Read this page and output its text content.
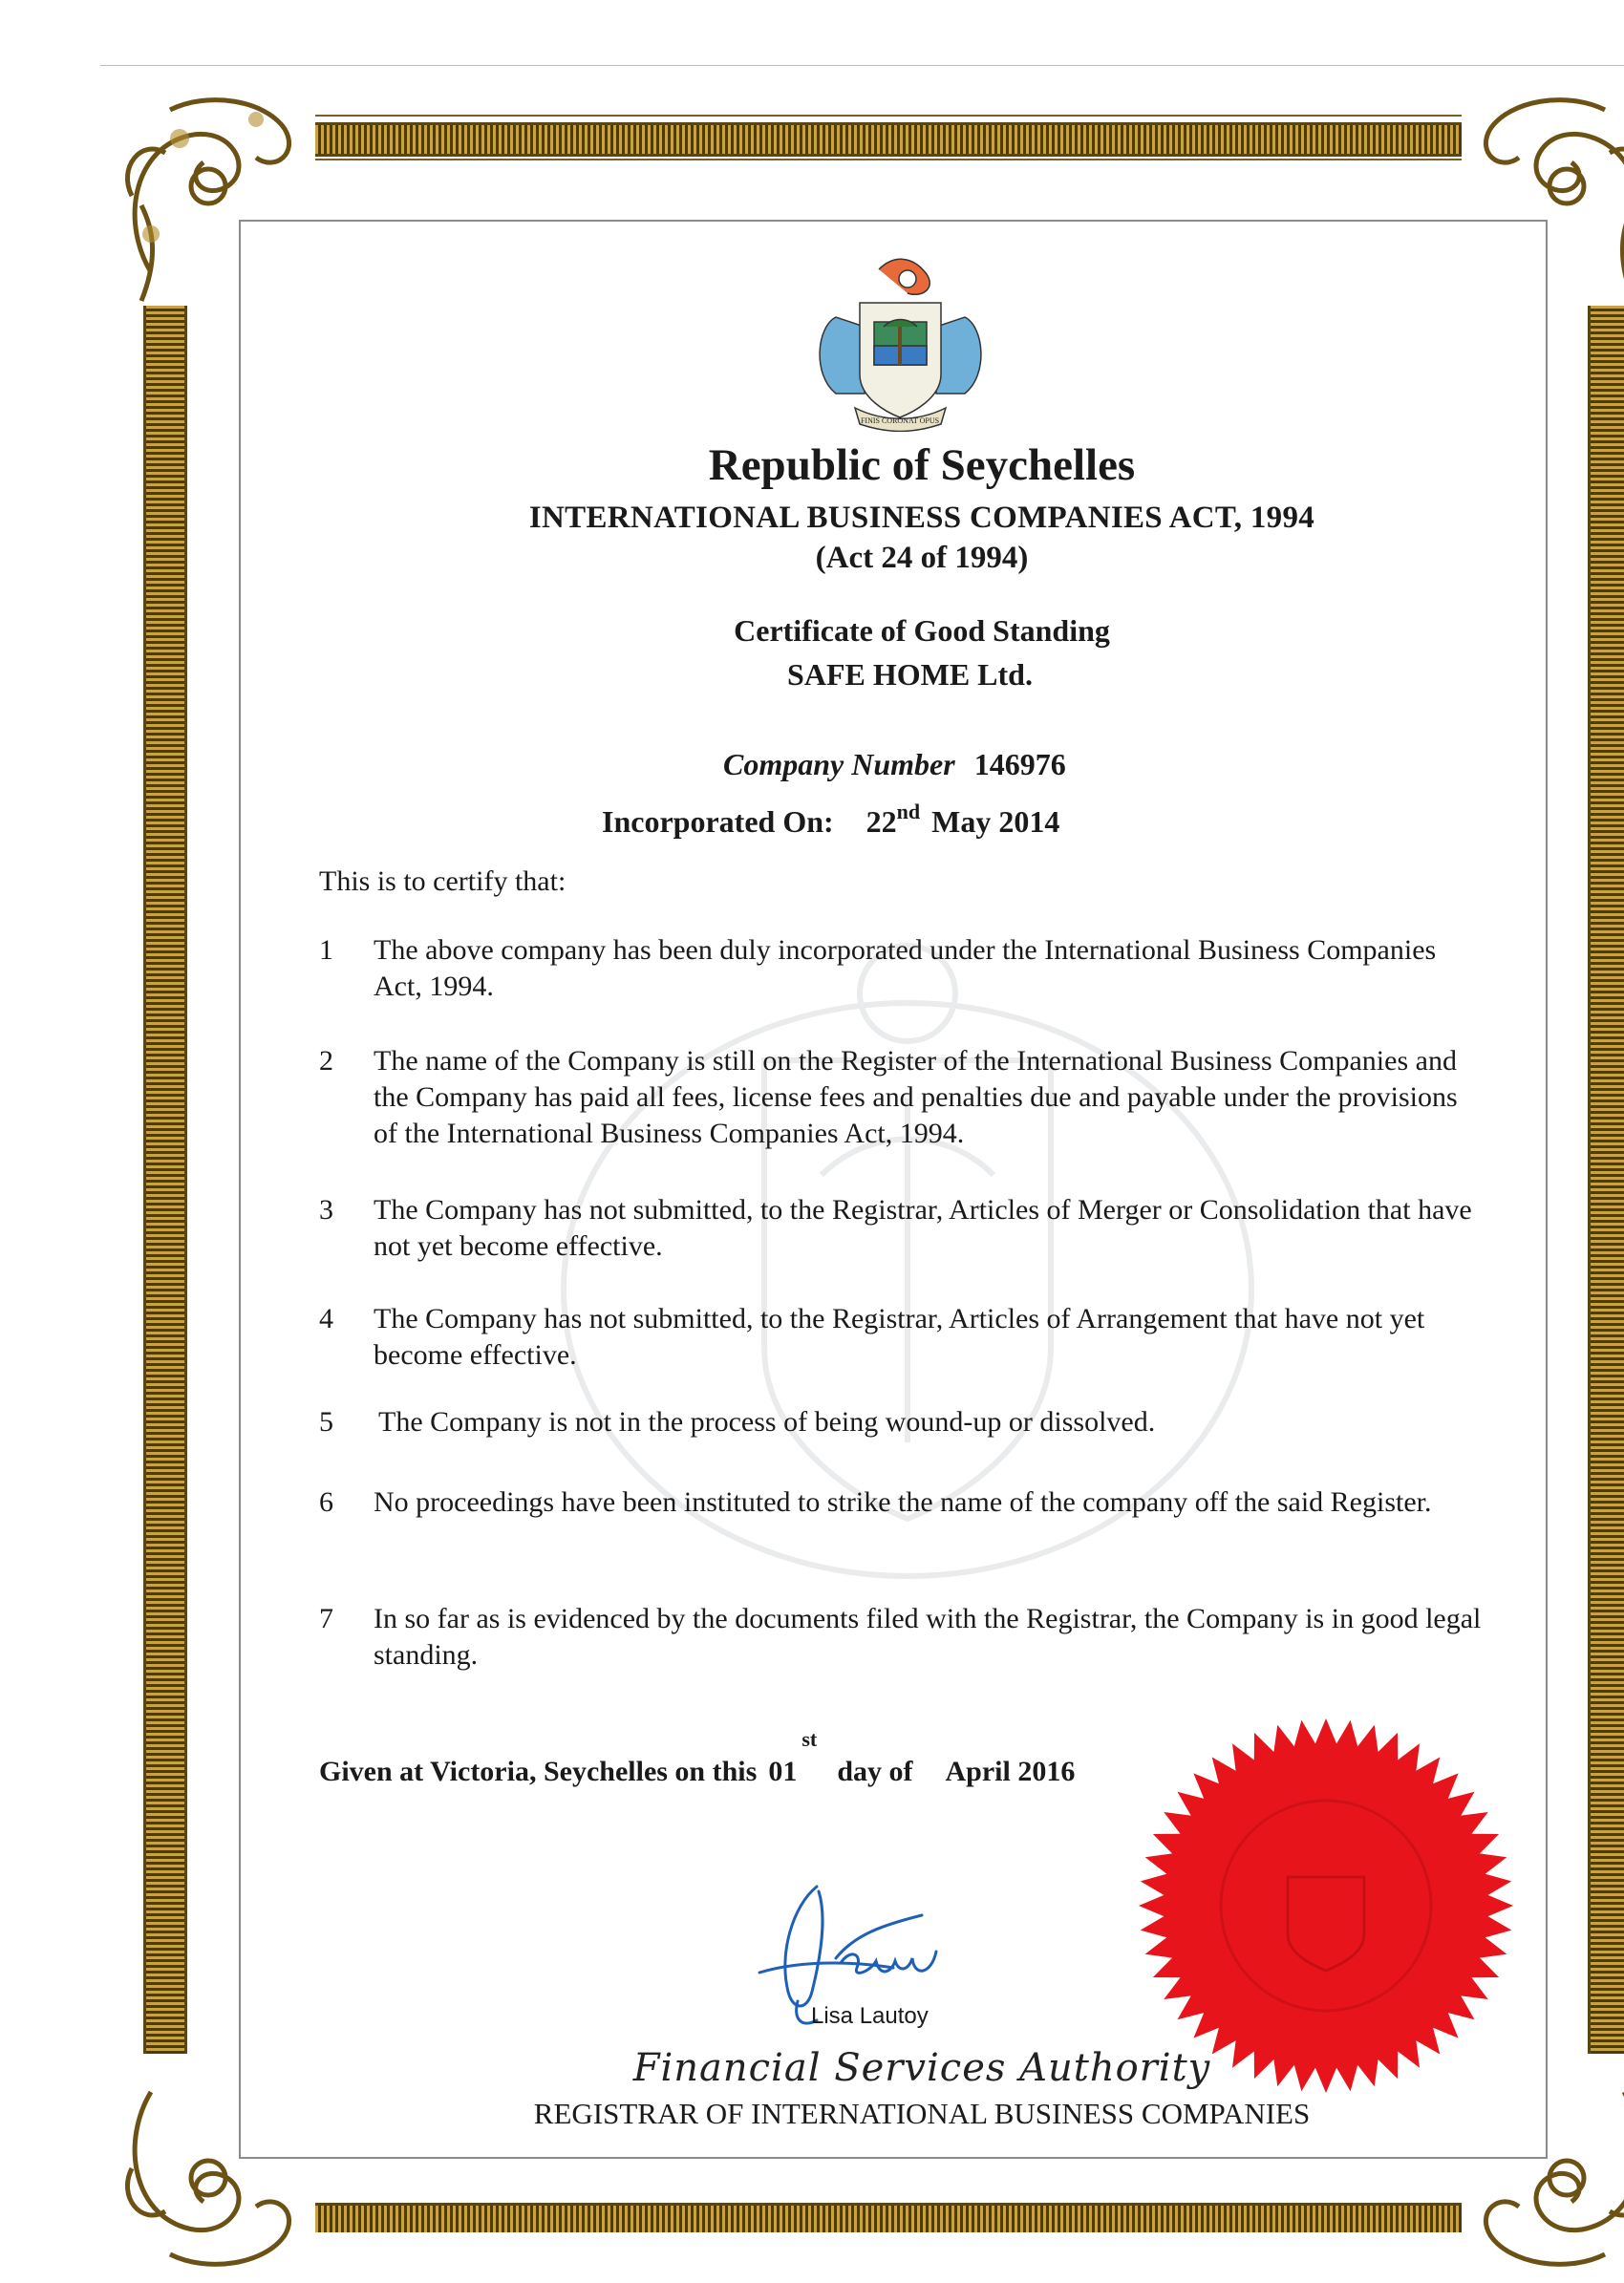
FINIS CORONAT OPUS
Republic of Seychelles
INTERNATIONAL BUSINESS COMPANIES ACT, 1994
(Act 24 of 1994)
Certificate of Good Standing
SAFE HOME Ltd.
Company Number 146976
Incorporated On: 22nd May 2014
This is to certify that:
1	The above company has been duly incorporated under the International Business Companies Act, 1994.
2	The name of the Company is still on the Register of the International Business Companies and the Company has paid all fees, license fees and penalties due and payable under the provisions of the International Business Companies Act, 1994.
3	The Company has not submitted, to the Registrar, Articles of Merger or Consolidation that have not yet become effective.
4	The Company has not submitted, to the Registrar, Articles of Arrangement that have not yet become effective.
5	The Company is not in the process of being wound-up or dissolved.
6	No proceedings have been instituted to strike the name of the company off the said Register.
7	In so far as is evidenced by the documents filed with the Registrar, the Company is in good legal standing.
Given at Victoria, Seychelles on this 01
st
day of April 2016
Lisa Lautoy
Financial Services Authority
REGISTRAR OF INTERNATIONAL BUSINESS COMPANIES
